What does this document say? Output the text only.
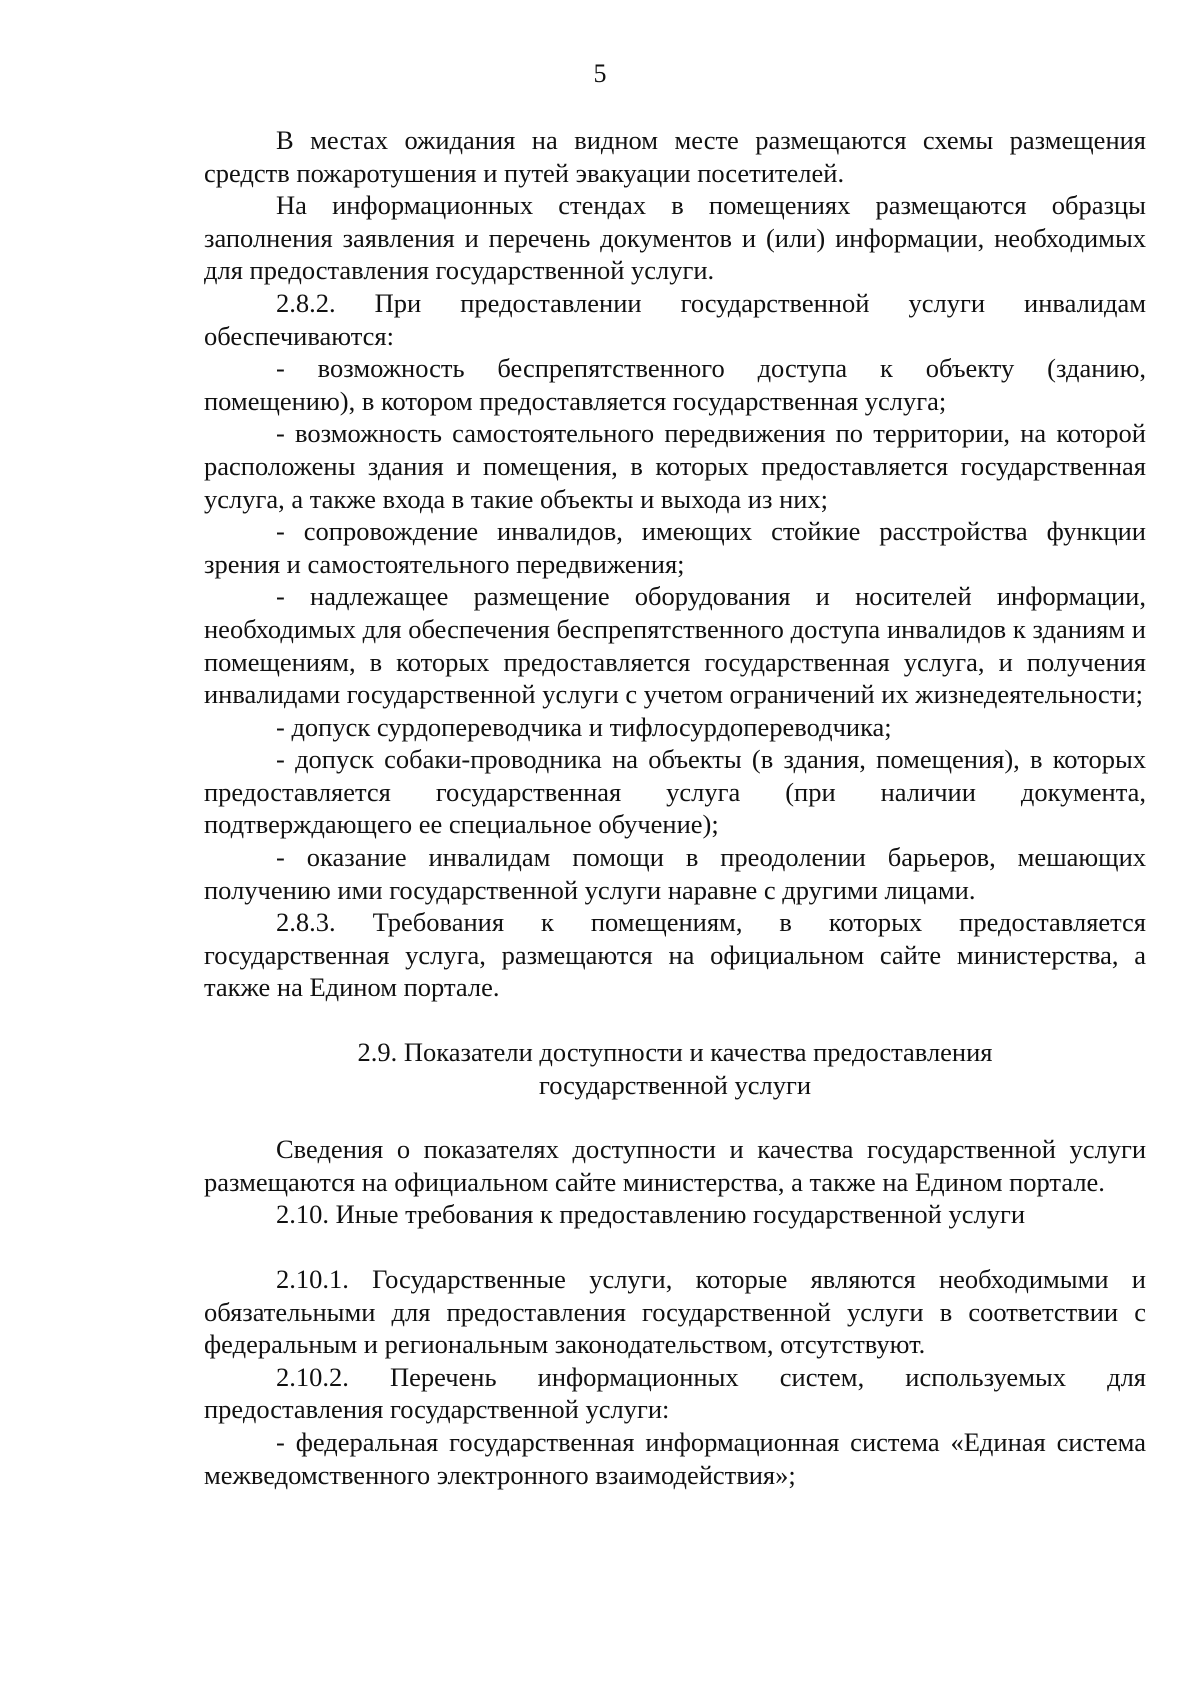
5

В местах ожидания на видном месте размещаются схемы размещения средств пожаротушения и путей эвакуации посетителей.

На информационных стендах в помещениях размещаются образцы заполнения заявления и перечень документов и (или) информации, необходимых для предоставления государственной услуги.

2.8.2. При предоставлении государственной услуги инвалидам обеспечиваются:

- возможность беспрепятственного доступа к объекту (зданию, помещению), в котором предоставляется государственная услуга;

- возможность самостоятельного передвижения по территории, на которой расположены здания и помещения, в которых предоставляется государственная услуга, а также входа в такие объекты и выхода из них;

- сопровождение инвалидов, имеющих стойкие расстройства функции зрения и самостоятельного передвижения;

- надлежащее размещение оборудования и носителей информации, необходимых для обеспечения беспрепятственного доступа инвалидов к зданиям и помещениям, в которых предоставляется государственная услуга, и получения инвалидами государственной услуги с учетом ограничений их жизнедеятельности;

- допуск сурдопереводчика и тифлосурдопереводчика;

- допуск собаки-проводника на объекты (в здания, помещения), в которых предоставляется государственная услуга (при наличии документа, подтверждающего ее специальное обучение);

- оказание инвалидам помощи в преодолении барьеров, мешающих получению ими государственной услуги наравне с другими лицами.

2.8.3. Требования к помещениям, в которых предоставляется государственная услуга, размещаются на официальном сайте министерства, а также на Едином портале.

2.9. Показатели доступности и качества предоставления

государственной услуги

Сведения о показателях доступности и качества государственной услуги размещаются на официальном сайте министерства, а также на Едином портале.

2.10. Иные требования к предоставлению государственной услуги

2.10.1. Государственные услуги, которые являются необходимыми и обязательными для предоставления государственной услуги в соответствии с федеральным и региональным законодательством, отсутствуют.

2.10.2. Перечень информационных систем, используемых для предоставления государственной услуги:

- федеральная государственная информационная система «Единая система межведомственного электронного взаимодействия»;
